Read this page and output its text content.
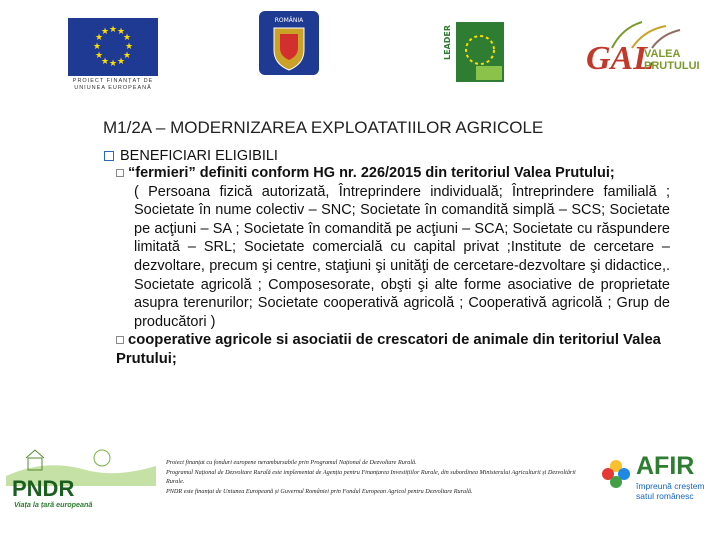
★ ★
★
★
★
★
★
★
★
★
★
★
PROIECT FINANȚAT DE
UNIUNEA EUROPEANĂ
ROMÂNIA
LEADER	GAL
VALEA
PRUTULUI
M1/2A – MODERNIZAREA EXPLOATATIILOR AGRICOLE
BENEFICIARI ELIGIBILI
“fermieri” definiti conform HG nr. 226/2015 din teritoriul Valea Prutului;
( Persoana fizică autorizată, Întreprindere individuală; Întreprindere familială ; Societate în nume colectiv – SNC; Societate în comandită simplă – SCS; Societate pe acţiuni – SA ; Societate în comandită pe acţiuni – SCA; Societate cu răspundere limitată – SRL; Societate comercială cu capital privat ;Institute de cercetare – dezvoltare, precum şi centre, staţiuni şi unităţi de cercetare-dezvoltare şi didactice,. Societate agricolă ; Composesorate, obşti şi alte forme asociative de proprietate asupra terenurilor; Societate cooperativă agricolă ; Cooperativă agricolă ; Grup de producători )
cooperative agricole si asociatii de crescatori de animale din teritoriul Valea Prutului;
PNDR
Viața la țară europeană
Proiect finanțat cu fonduri europene nerambursabile prin Programul Național de Dezvoltare Rurală.
Programul Național de Dezvoltare Rurală este implementat de Agenția pentru Finanțarea Investițiilor Rurale, din subordinea Ministerului Agriculturii și Dezvoltării Rurale.
PNDR este finanțat de Uniunea Europeană și Guvernul României prin Fondul European Agricol pentru Dezvoltare Rurală.
AFIR
împreună creștem
satul românesc
